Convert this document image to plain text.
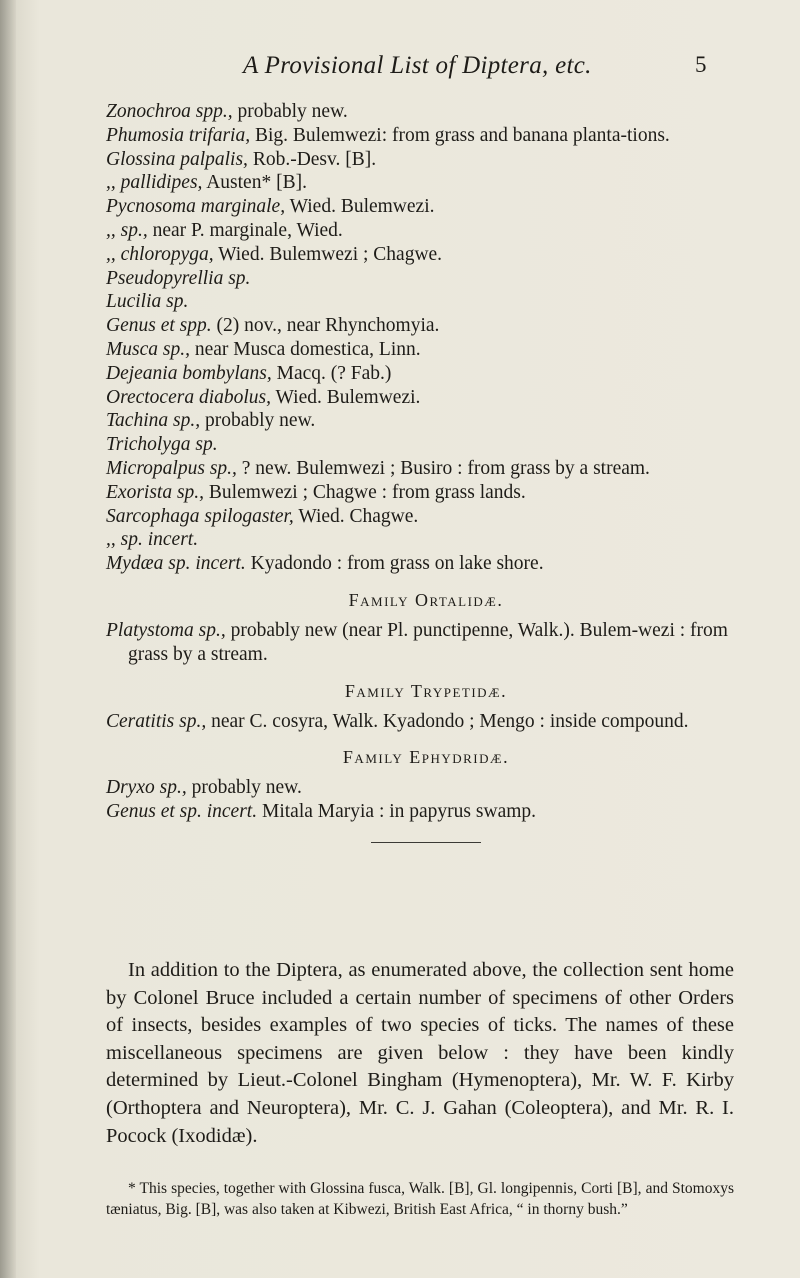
A Provisional List of Diptera, etc.	5

Zonochroa spp., probably new.

Phumosia trifaria, Big. Bulemwezi: from grass and banana planta-tions.

Glossina palpalis, Rob.-Desv. [B].

,, pallidipes, Austen* [B].

Pycnosoma marginale, Wied. Bulemwezi.

,, sp., near P. marginale, Wied.

,, chloropyga, Wied. Bulemwezi ; Chagwe.

Pseudopyrellia sp.

Lucilia sp.

Genus et spp. (2) nov., near Rhynchomyia.

Musca sp., near Musca domestica, Linn.

Dejeania bombylans, Macq. (? Fab.)

Orectocera diabolus, Wied. Bulemwezi.

Tachina sp., probably new.

Tricholyga sp.

Micropalpus sp., ? new. Bulemwezi ; Busiro : from grass by a stream.

Exorista sp., Bulemwezi ; Chagwe : from grass lands.

Sarcophaga spilogaster, Wied. Chagwe.

,, sp. incert.

Mydæa sp. incert. Kyadondo : from grass on lake shore.

Family Ortalidæ.

Platystoma sp., probably new (near Pl. punctipenne, Walk.). Bulem-wezi : from grass by a stream.

Family Trypetidæ.

Ceratitis sp., near C. cosyra, Walk. Kyadondo ; Mengo : inside compound.

Family Ephydridæ.

Dryxo sp., probably new.

Genus et sp. incert. Mitala Maryia : in papyrus swamp.

In addition to the Diptera, as enumerated above, the collection sent home by Colonel Bruce included a certain number of specimens of other Orders of insects, besides examples of two species of ticks. The names of these miscellaneous specimens are given below : they have been kindly determined by Lieut.-Colonel Bingham (Hymenoptera), Mr. W. F. Kirby (Orthoptera and Neuroptera), Mr. C. J. Gahan (Coleoptera), and Mr. R. I. Pocock (Ixodidæ).

* This species, together with Glossina fusca, Walk. [B], Gl. longipennis, Corti [B], and Stomoxys tæniatus, Big. [B], was also taken at Kibwezi, British East Africa, “ in thorny bush.”
